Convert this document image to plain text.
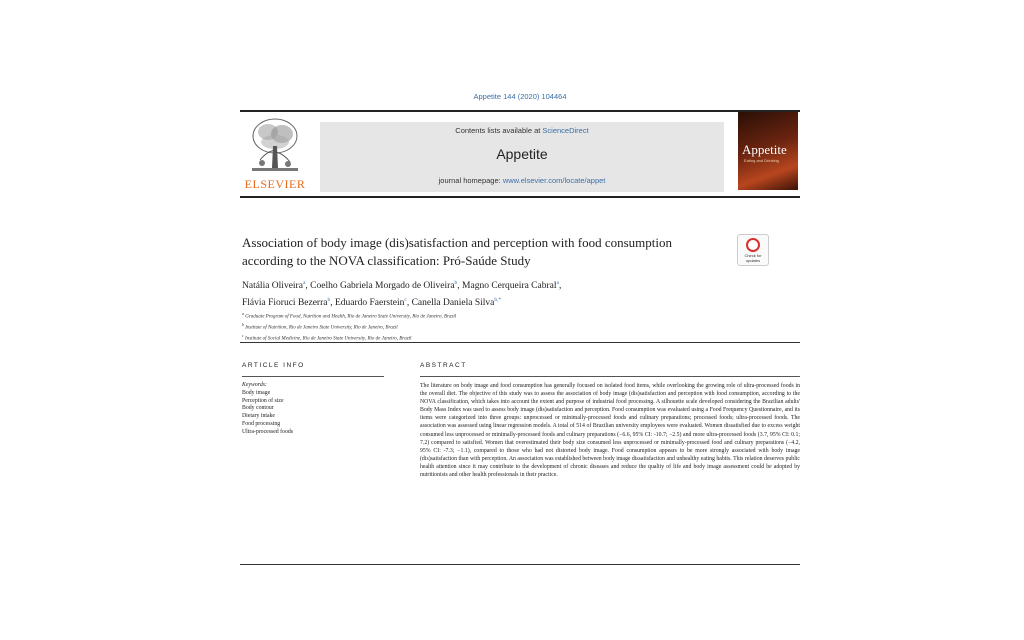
Appetite 144 (2020) 104464
ELSEVIER
Contents lists available at ScienceDirect
Appetite
journal homepage: www.elsevier.com/locate/appet
Appetite
Eating and Drinking
Association of body image (dis)satisfaction and perception with food consumption according to the NOVA classification: Pró-Saúde Study	Check for updates
Natália Oliveira$^a$, Coelho Gabriela Morgado de Oliveira$^b$, Magno Cerqueira Cabral$^a$,
Flávia Fioruci Bezerra$^b$, Eduardo Faerstein$^c$, Canella Daniela Silva$^{b,*}$
$^a$ Graduate Program of Food, Nutrition and Health, Rio de Janeiro State University, Rio de Janeiro, Brazil
$^b$ Institute of Nutrition, Rio de Janeiro State University, Rio de Janeiro, Brazil
$^c$ Institute of Social Medicine, Rio de Janeiro State University, Rio de Janeiro, Brazil
ARTICLE INFO	ABSTRACT
Keywords:
Body image
Perception of size
Body contour
Dietary intake
Food processing
Ultra-processed foods
The literature on body image and food consumption has generally focused on isolated food items, while overlooking the growing role of ultra-processed foods in the overall diet. The objective of this study was to assess the association of body image (dis)satisfaction and perception with food consumption, according to the NOVA classification, which takes into account the extent and purpose of industrial food processing. A silhouette scale developed considering the Brazilian adults' Body Mass Index was used to assess body image (dis)satisfaction and perception. Food consumption was evaluated using a Food Frequency Questionnaire, and its items were categorized into three groups: unprocessed or minimally-processed foods and culinary preparations; processed foods; ultra-processed foods. The association was assessed using linear regression models. A total of 514 of Brazilian university employees were evaluated. Women dissatisfied due to excess weight consumed less unprocessed or minimally-processed foods and culinary preparations (−6.6, 95% CI: -10.7; −2.5) and more ultra-processed foods (3.7, 95% CI: 0.1; 7.2) compared to satisfied. Women that overestimated their body size consumed less unprocessed or minimally-processed food and culinary preparations (−4.2, 95% CI: -7.3; −1.1), compared to those who had not distorted body image. Food consumption appears to be more strongly associated with body image (dis)satisfaction than with perception. An association was established between body image dissatisfaction and unhealthy eating habits. This relation deserves public health attention since it may contribute to the development of chronic diseases and reduce the quality of life and body image assessment could be adopted by nutritionists and other health professionals in their practice.
